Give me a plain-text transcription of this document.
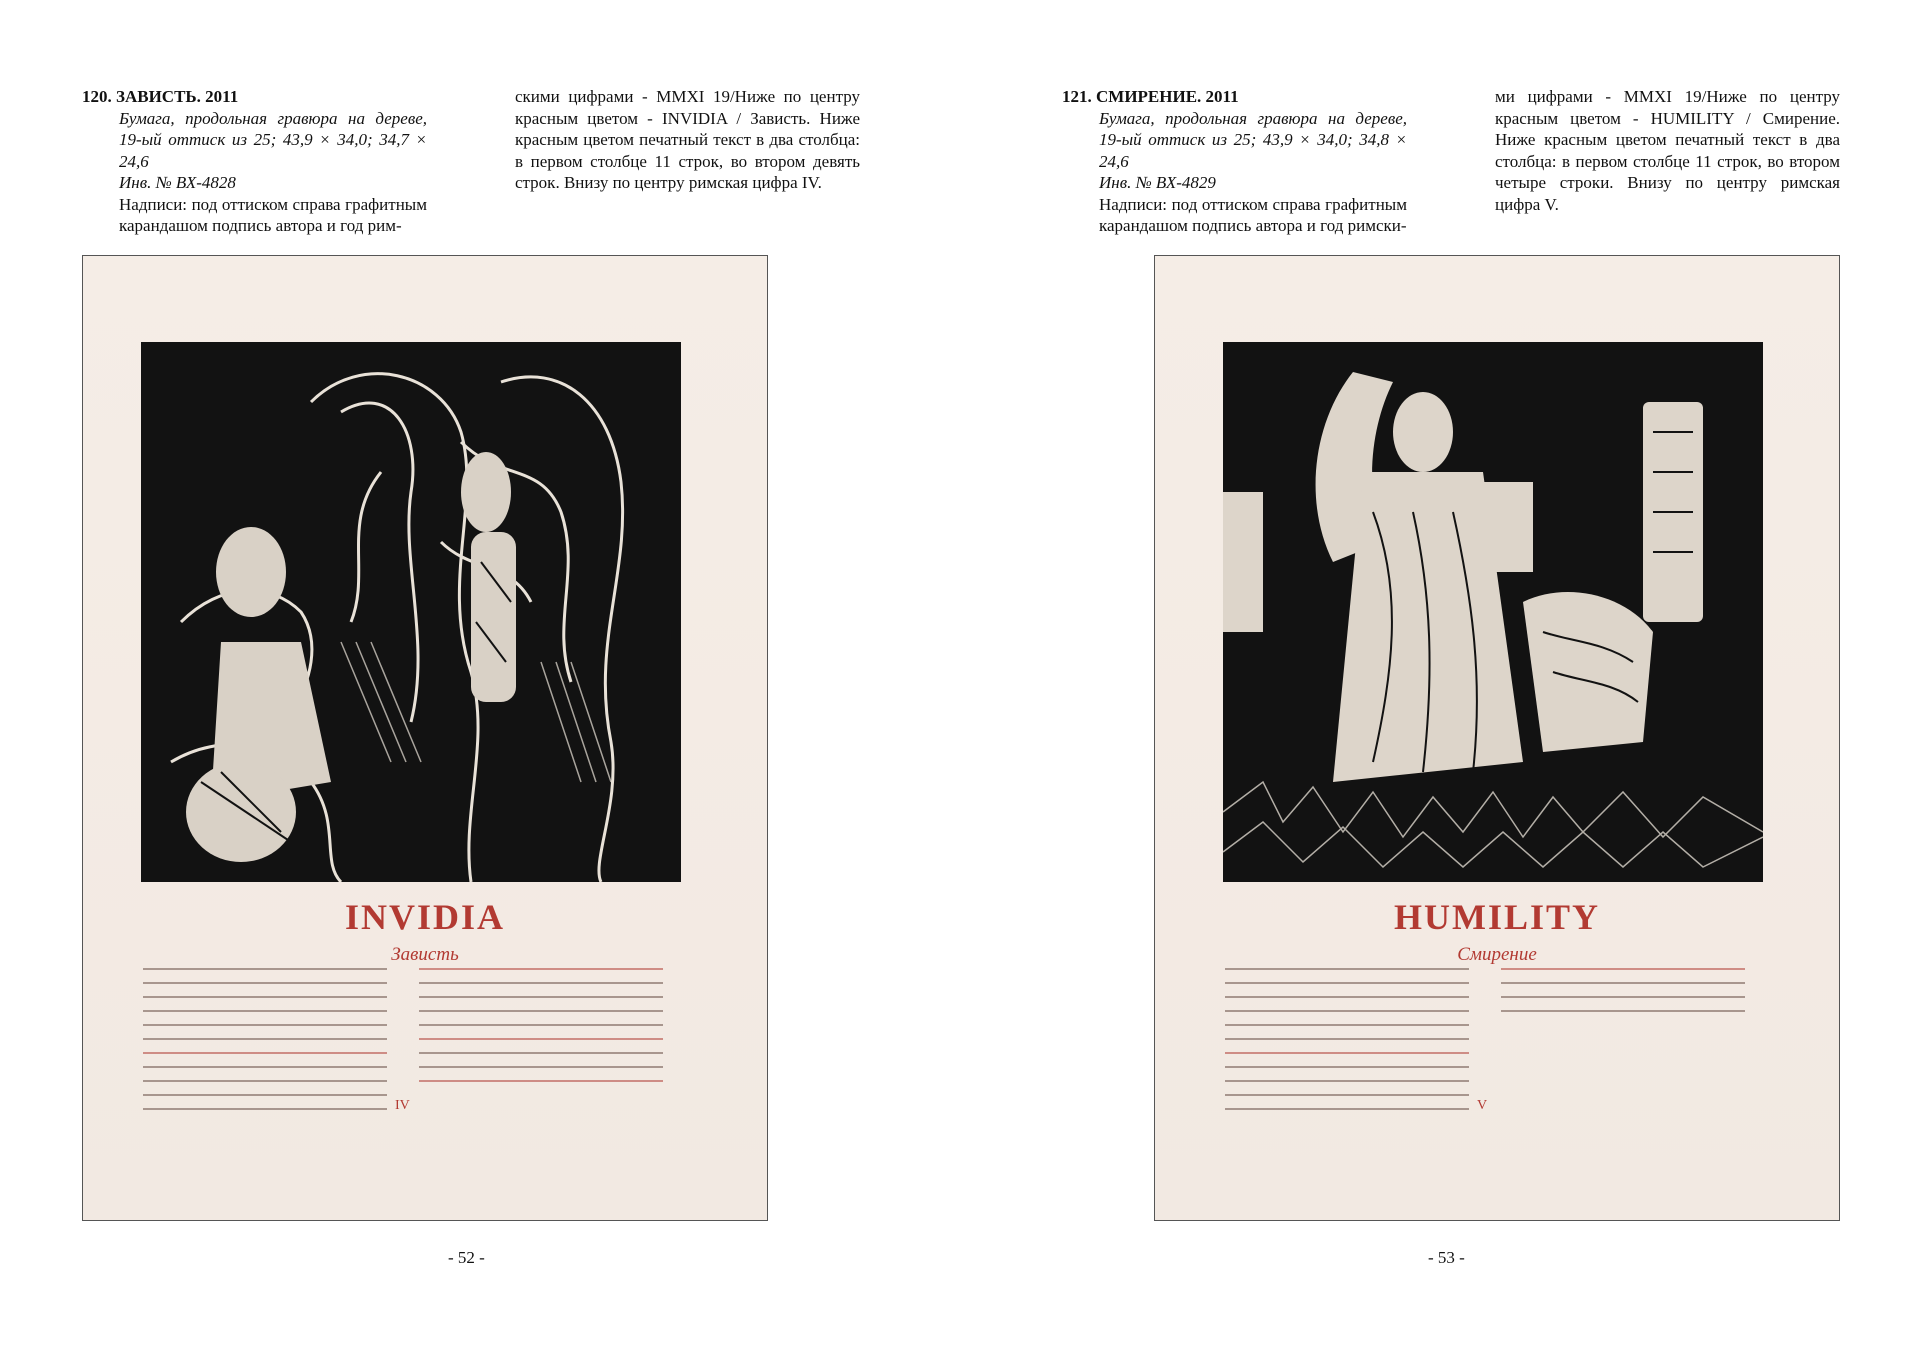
120. ЗАВИСТЬ. 2011
Бумага, продольная гравюра на дереве, 19-ый оттиск из 25; 43,9 × 34,0; 34,7 × 24,6
Инв. № ВХ-4828
Надписи: под оттиском справа графитным карандашом подпись автора и год рим-
скими цифрами - MMXI 19/Ниже по центру красным цветом - INVIDIA / Зависть. Ниже красным цветом печатный текст в два столбца: в первом столбце 11 строк, во втором девять строк. Внизу по центру римская цифра IV.
INVIDIA
Зависть
IV
- 52 -
121. СМИРЕНИЕ. 2011
Бумага, продольная гравюра на дереве, 19-ый оттиск из 25; 43,9 × 34,0; 34,8 × 24,6
Инв. № ВХ-4829
Надписи: под оттиском справа графитным карандашом подпись автора и год римски-
ми цифрами - MMXI 19/Ниже по центру красным цветом - HUMILITY / Смирение. Ниже красным цветом печатный текст в два столбца: в первом столбце 11 строк, во втором четыре строки. Внизу по центру римская цифра V.
HUMILITY
Смирение
V
- 53 -
